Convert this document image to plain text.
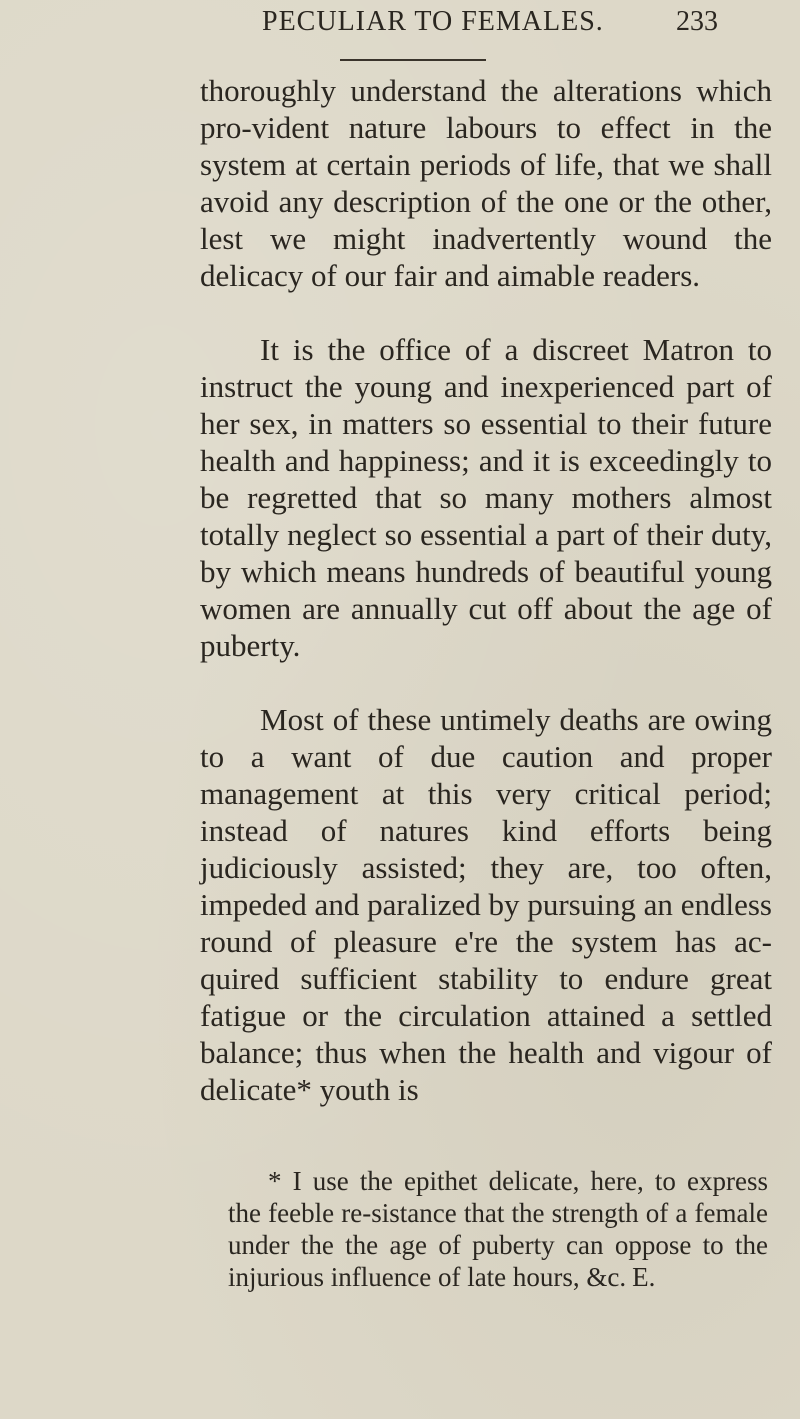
PECULIAR TO FEMALES.	233

thoroughly understand the alterations which pro-vident nature labours to effect in the system at certain periods of life, that we shall avoid any description of the one or the other, lest we might inadvertently wound the delicacy of our fair and aimable readers.

It is the office of a discreet Matron to instruct the young and inexperienced part of her sex, in matters so essential to their future health and happiness; and it is exceedingly to be regretted that so many mothers almost totally neglect so essential a part of their duty, by which means hundreds of beautiful young women are annually cut off about the age of puberty.

Most of these untimely deaths are owing to a want of due caution and proper management at this very critical period; instead of natures kind efforts being judiciously assisted; they are, too often, impeded and paralized by pursuing an endless round of pleasure e're the system has ac-quired sufficient stability to endure great fatigue or the circulation attained a settled balance; thus when the health and vigour of delicate* youth is

* I use the epithet delicate, here, to express the feeble re-sistance that the strength of a female under the the age of puberty can oppose to the injurious influence of late hours, &c. E.
